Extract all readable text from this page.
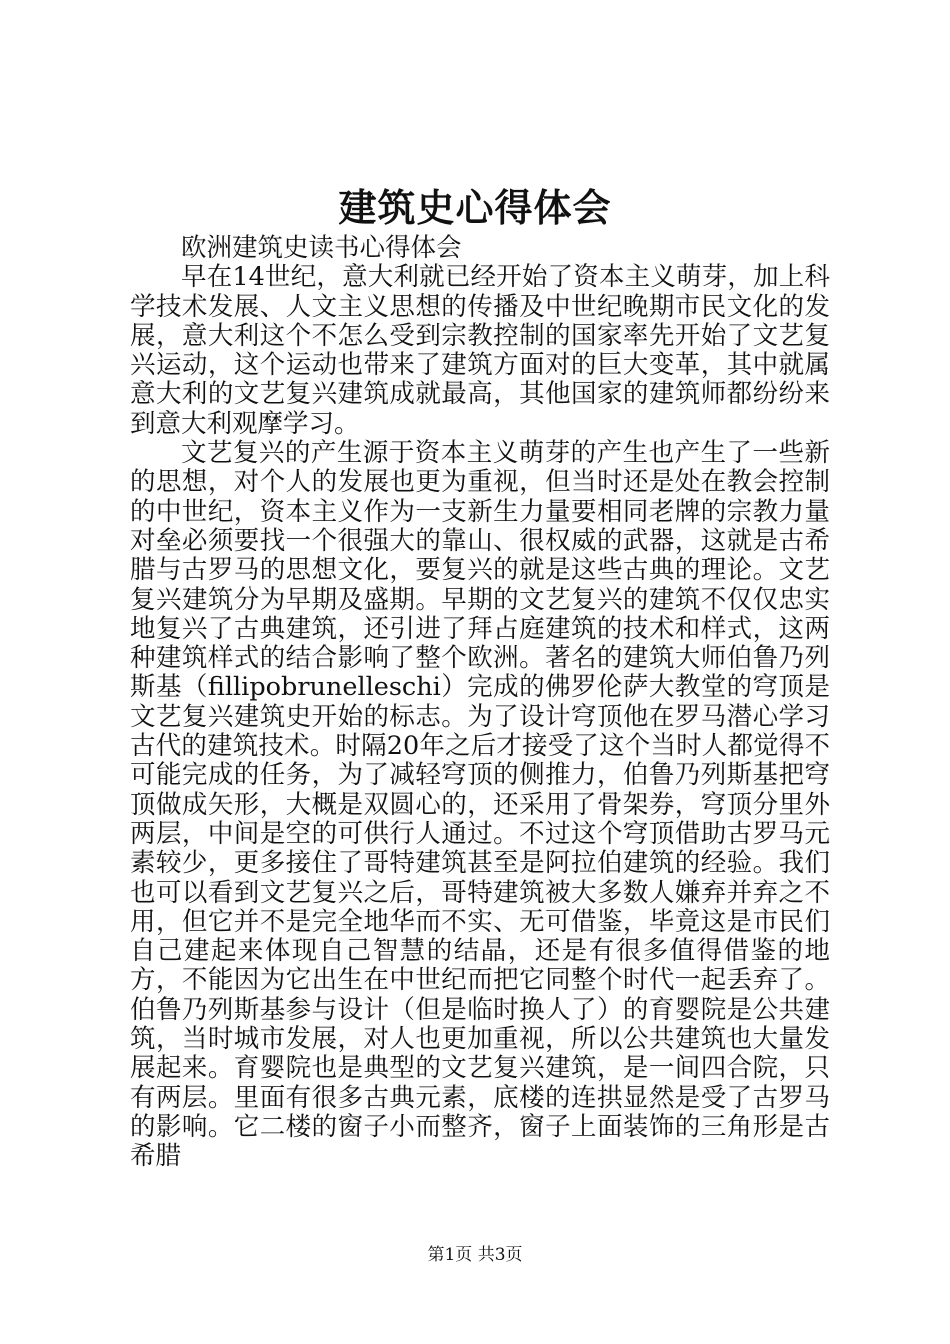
建筑史心得体会

欧洲建筑史读书心得体会

早在14世纪，意大利就已经开始了资本主义萌芽，加上科学技术发展、人文主义思想的传播及中世纪晚期市民文化的发展，意大利这个不怎么受到宗教控制的国家率先开始了文艺复兴运动，这个运动也带来了建筑方面对的巨大变革，其中就属意大利的文艺复兴建筑成就最高，其他国家的建筑师都纷纷来到意大利观摩学习。

文艺复兴的产生源于资本主义萌芽的产生也产生了一些新的思想，对个人的发展也更为重视，但当时还是处在教会控制的中世纪，资本主义作为一支新生力量要相同老牌的宗教力量对垒必须要找一个很强大的靠山、很权威的武器，这就是古希腊与古罗马的思想文化，要复兴的就是这些古典的理论。文艺复兴建筑分为早期及盛期。早期的文艺复兴的建筑不仅仅忠实地复兴了古典建筑，还引进了拜占庭建筑的技术和样式，这两种建筑样式的结合影响了整个欧洲。著名的建筑大师伯鲁乃列斯基（fillipobrunelleschi）完成的佛罗伦萨大教堂的穹顶是文艺复兴建筑史开始的标志。为了设计穹顶他在罗马潜心学习古代的建筑技术。时隔20年之后才接受了这个当时人都觉得不可能完成的任务，为了减轻穹顶的侧推力，伯鲁乃列斯基把穹顶做成矢形，大概是双圆心的，还采用了骨架券，穹顶分里外两层，中间是空的可供行人通过。不过这个穹顶借助古罗马元素较少，更多接住了哥特建筑甚至是阿拉伯建筑的经验。我们也可以看到文艺复兴之后，哥特建筑被大多数人嫌弃并弃之不用，但它并不是完全地华而不实、无可借鉴，毕竟这是市民们自己建起来体现自己智慧的结晶，还是有很多值得借鉴的地方，不能因为它出生在中世纪而把它同整个时代一起丢弃了。伯鲁乃列斯基参与设计（但是临时换人了）的育婴院是公共建筑，当时城市发展，对人也更加重视，所以公共建筑也大量发展起来。育婴院也是典型的文艺复兴建筑，是一间四合院，只有两层。里面有很多古典元素，底楼的连拱显然是受了古罗马的影响。它二楼的窗子小而整齐，窗子上面装饰的三角形是古希腊

第1页 共3页
